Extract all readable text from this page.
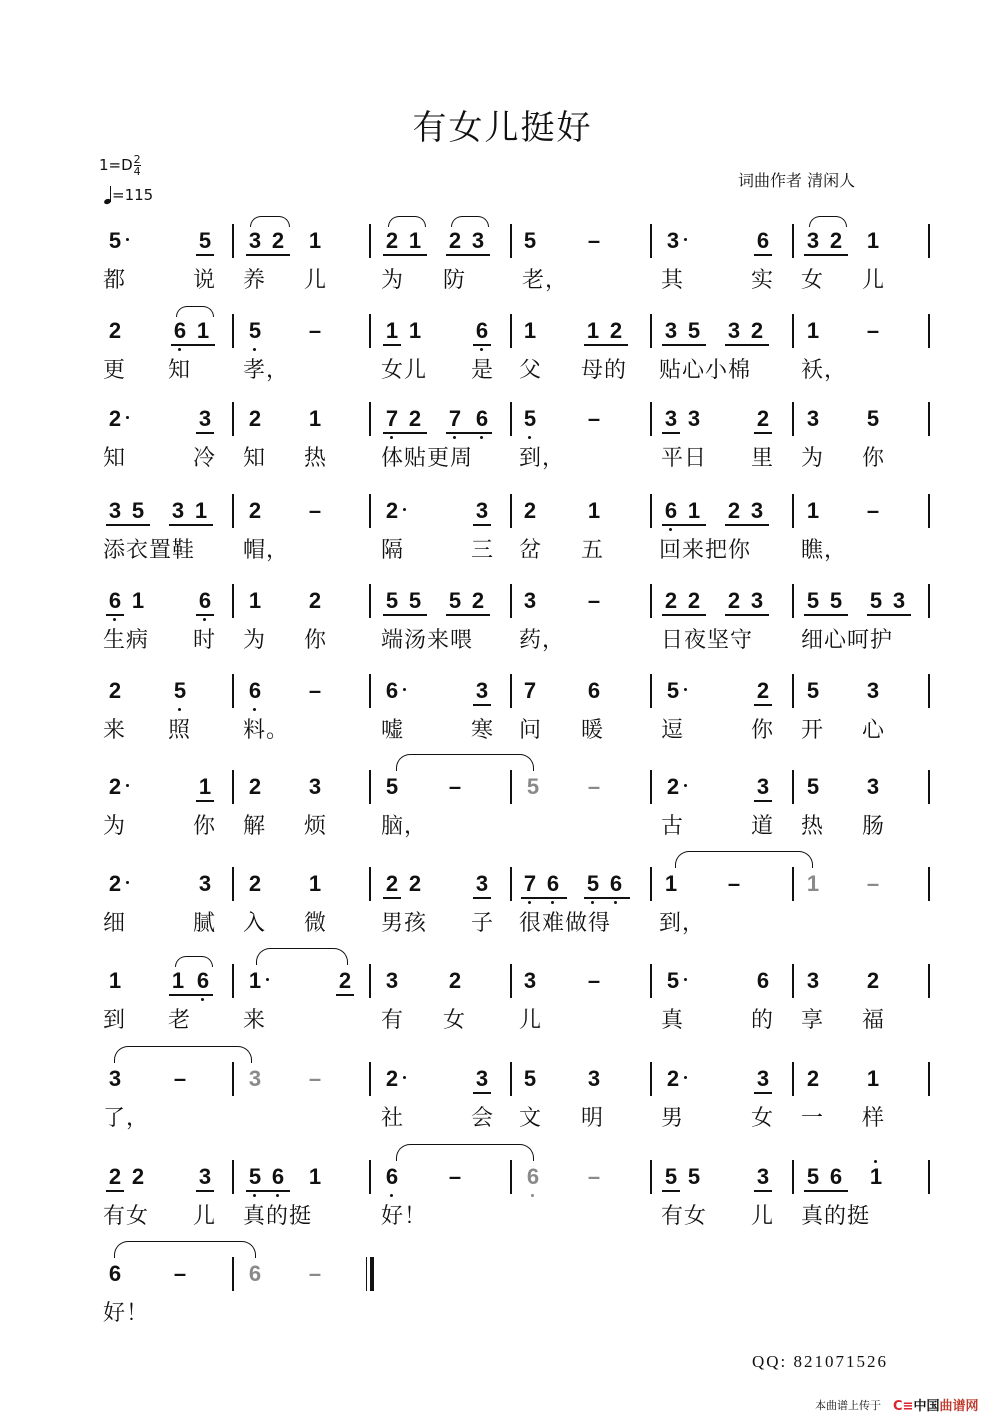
有女儿挺好
$1=D \frac{2}{4}$
=115
词曲作者 清闲人
5	5 3 2 1	2 1 2 3 5 –	3	6 3 2 1
都	说 养 儿 为 防	老，	其	实 女 儿
2 6 1 5 –	1 1 6 1 1 2 3 5 3 2 1 –
更 知 孝，	女儿 是 父 母的 贴心小棉 袄，
2	3 2 1	7 2 7 6 5 –	3 3	2 3 5
知	冷 知 热 体贴更周 到，	平日 里 为 你
3 5 3 1 2 –	2	3 2 1	6 1 2 3 1 –
添衣置鞋 帽，	隔	三 岔 五 回来把你 瞧，
6 1 6 1 2	5 5 5 2 3 –	2 2 2 3 5 5 5 3
生病 时 为 你 端汤来喂 药，	日夜坚守 细心呵护
2 5	6 –	6	3 7 6	5	2 5 3
来 照 料。	嘘	寒 问 暖	逗	你 开 心
2	1 2 3	5 –	5 –	2	3 5 3
为	你 解 烦 脑，	古	道 热 肠
2	3 2 1	2 2 3 7 6 5 6 1 –	1 –
细	腻 入 微 男孩 子 很难做得 到，
1 1 6 1	2 3 2	3 –	5	6 3 2
到 老 来	有 女 儿	真	的 享 福
3 –	3 –	2	3 5 3	2	3 2 1
了，	社	会 文 明	男	女 一 样
2 2 3 5 6 1	6 –	6 –	5 5	3 5 6 1
有女 儿 真的挺	好！	有女 儿 真的挺
6 –	6 –
好！
QQ: 821071526
本曲谱上传于 C≡中国曲谱网
